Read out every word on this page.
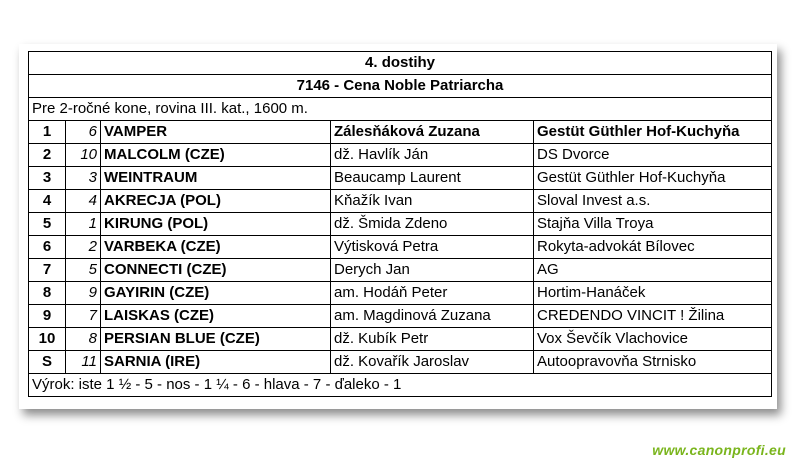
4. dostihy				
7146 - Cena Noble Patriarcha				
Pre 2-ročné kone, rovina III. kat., 1600 m.				
1	6	VAMPER	Zálesňáková Zuzana	Gestüt Güthler Hof-Kuchyňa
2	10	MALCOLM (CZE)	dž. Havlík Ján	DS Dvorce
3	3	WEINTRAUM	Beaucamp Laurent	Gestüt Güthler Hof-Kuchyňa
4	4	AKRECJA (POL)	Kňažík Ivan	Sloval Invest a.s.
5	1	KIRUNG (POL)	dž. Šmida Zdeno	Stajňa Villa Troya
6	2	VARBEKA (CZE)	Výtisková Petra	Rokyta-advokát Bílovec
7	5	CONNECTI (CZE)	Derych Jan	AG
8	9	GAYIRIN (CZE)	am. Hodáň Peter	Hortim-Hanáček
9	7	LAISKAS (CZE)	am. Magdinová Zuzana	CREDENDO VINCIT ! Žilina
10	8	PERSIAN BLUE (CZE)	dž. Kubík Petr	Vox Ševčík Vlachovice
S	11	SARNIA (IRE)	dž. Kovařík Jaroslav	Autoopravovňa Strnisko
Výrok: iste 1 ½ - 5 - nos - 1 ¼ - 6 - hlava - 7 - ďaleko - 1				
www.canonprofi.eu
